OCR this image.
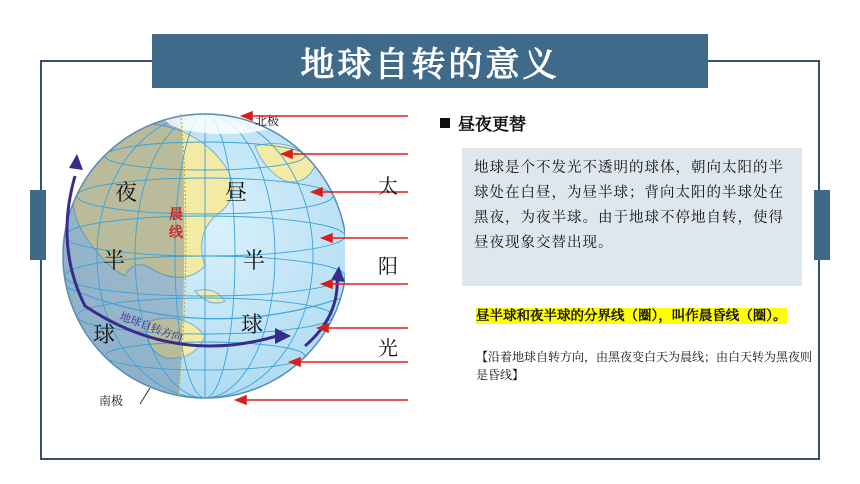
地球自转的意义
北极
南极
夜
半
球
昼
半
球
晨线
地球自转方向
太
阳
光
昼夜更替
地球是个不发光不透明的球体，朝向太阳的半球处在白昼，为昼半球；背向太阳的半球处在黑夜，为夜半球。由于地球不停地自转，使得昼夜现象交替出现。
昼半球和夜半球的分界线（圈），叫作晨昏线（圈）。
【沿着地球自转方向，由黑夜变白天为晨线；由白天转为黑夜则是昏线】
